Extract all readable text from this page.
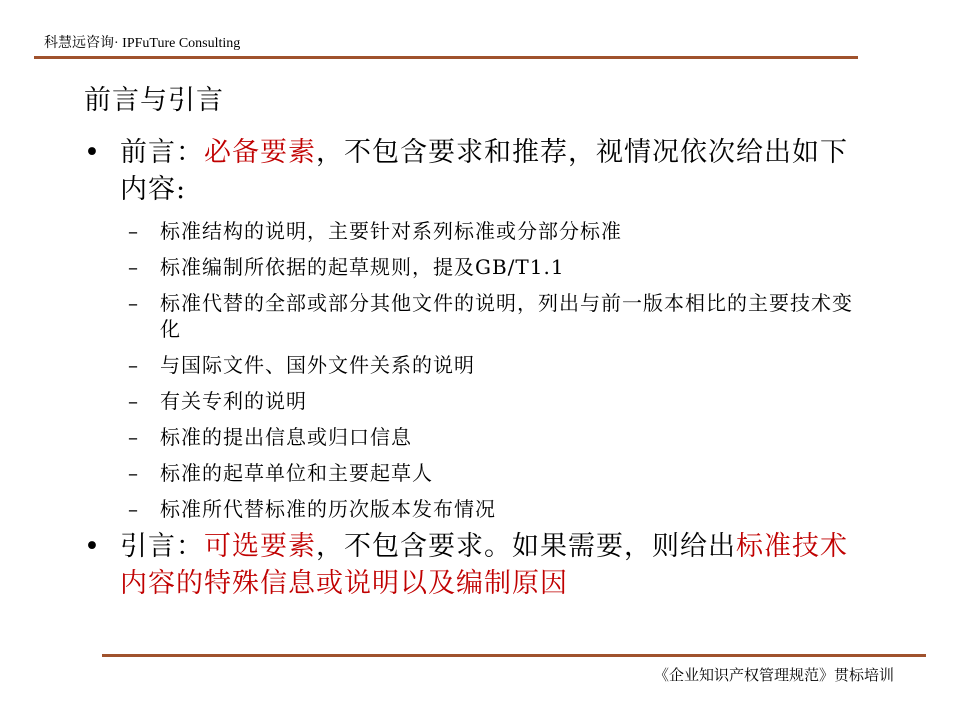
科慧远咨询· IPFuTure Consulting
前言与引言
• 前言：必备要素，不包含要求和推荐，视情况依次给出如下内容:
– 标准结构的说明，主要针对系列标准或分部分标准
– 标准编制所依据的起草规则，提及GB/T1.1
– 标准代替的全部或部分其他文件的说明，列出与前一版本相比的主要技术变化
– 与国际文件、国外文件关系的说明
– 有关专利的说明
– 标准的提出信息或归口信息
– 标准的起草单位和主要起草人
– 标准所代替标准的历次版本发布情况
• 引言：可选要素，不包含要求。如果需要，则给出标准技术内容的特殊信息或说明以及编制原因
《企业知识产权管理规范》贯标培训
